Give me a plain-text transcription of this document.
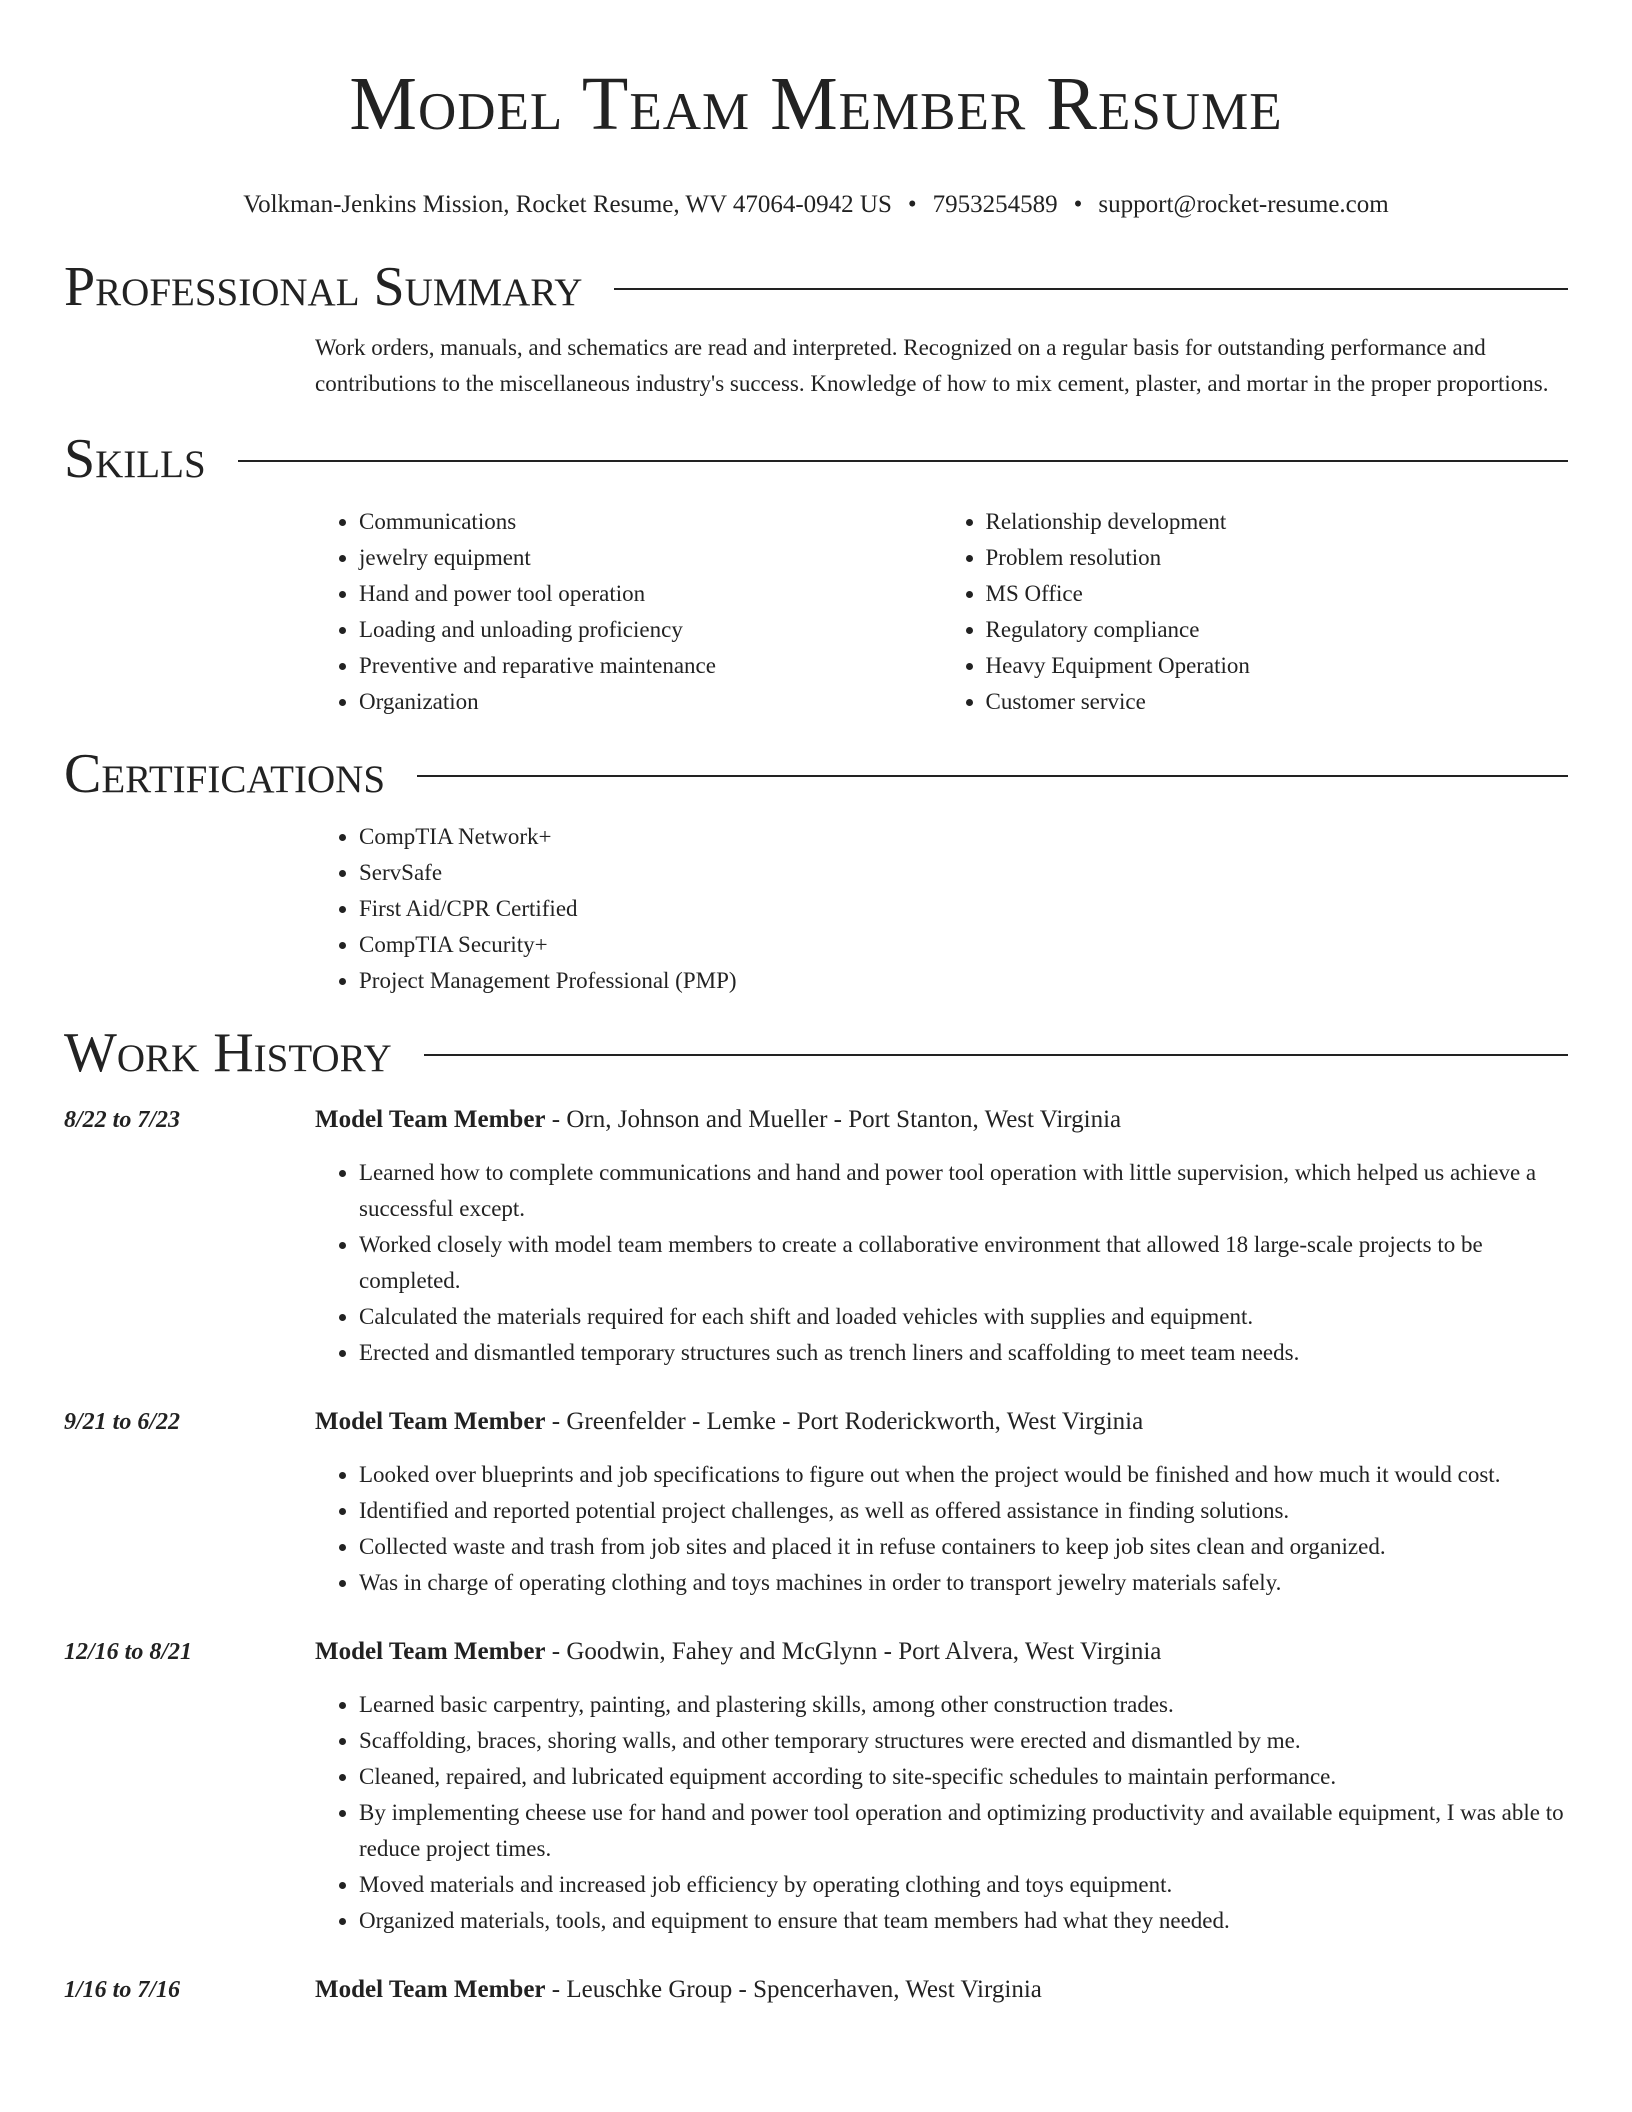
Model Team Member Resume
Volkman-Jenkins Mission, Rocket Resume, WV 47064-0942 US • 7953254589 • support@rocket-resume.com
Professional Summary
Work orders, manuals, and schematics are read and interpreted. Recognized on a regular basis for outstanding performance and contributions to the miscellaneous industry's success. Knowledge of how to mix cement, plaster, and mortar in the proper proportions.
Skills
• Communications
• jewelry equipment
• Hand and power tool operation
• Loading and unloading proficiency
• Preventive and reparative maintenance
• Organization
• Relationship development
• Problem resolution
• MS Office
• Regulatory compliance
• Heavy Equipment Operation
• Customer service
Certifications
• CompTIA Network+
• ServSafe
• First Aid/CPR Certified
• CompTIA Security+
• Project Management Professional (PMP)
Work History
8/22 to 7/23	Model Team Member - Orn, Johnson and Mueller - Port Stanton, West Virginia
• Learned how to complete communications and hand and power tool operation with little supervision, which helped us achieve a successful except.
• Worked closely with model team members to create a collaborative environment that allowed 18 large-scale projects to be completed.
• Calculated the materials required for each shift and loaded vehicles with supplies and equipment.
• Erected and dismantled temporary structures such as trench liners and scaffolding to meet team needs.
9/21 to 6/22	Model Team Member - Greenfelder - Lemke - Port Roderickworth, West Virginia
• Looked over blueprints and job specifications to figure out when the project would be finished and how much it would cost.
• Identified and reported potential project challenges, as well as offered assistance in finding solutions.
• Collected waste and trash from job sites and placed it in refuse containers to keep job sites clean and organized.
• Was in charge of operating clothing and toys machines in order to transport jewelry materials safely.
12/16 to 8/21	Model Team Member - Goodwin, Fahey and McGlynn - Port Alvera, West Virginia
• Learned basic carpentry, painting, and plastering skills, among other construction trades.
• Scaffolding, braces, shoring walls, and other temporary structures were erected and dismantled by me.
• Cleaned, repaired, and lubricated equipment according to site-specific schedules to maintain performance.
• By implementing cheese use for hand and power tool operation and optimizing productivity and available equipment, I was able to reduce project times.
• Moved materials and increased job efficiency by operating clothing and toys equipment.
• Organized materials, tools, and equipment to ensure that team members had what they needed.
1/16 to 7/16	Model Team Member - Leuschke Group - Spencerhaven, West Virginia
